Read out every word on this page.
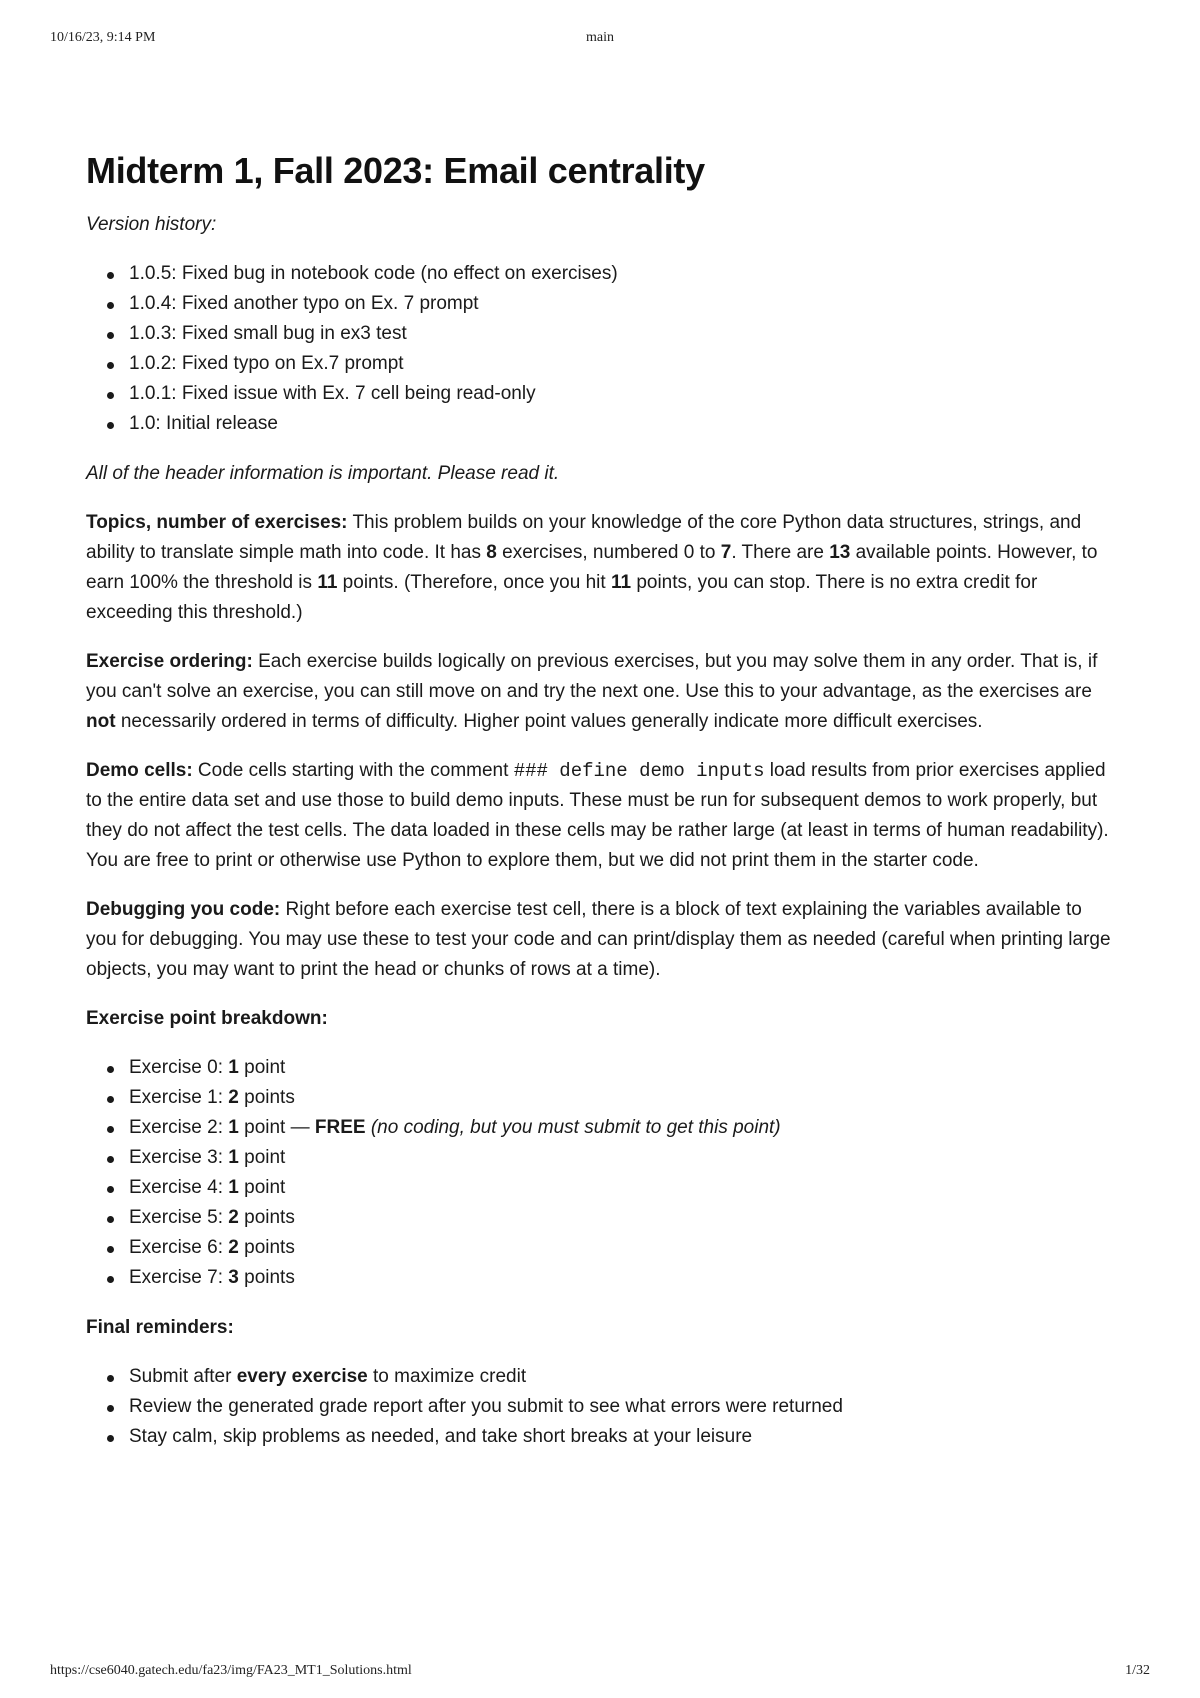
10/16/23, 9:14 PM	main
Midterm 1, Fall 2023: Email centrality

Version history:

1.0.5: Fixed bug in notebook code (no effect on exercises)
1.0.4: Fixed another typo on Ex. 7 prompt
1.0.3: Fixed small bug in ex3 test
1.0.2: Fixed typo on Ex.7 prompt
1.0.1: Fixed issue with Ex. 7 cell being read-only
1.0: Initial release

All of the header information is important. Please read it.

Topics, number of exercises: This problem builds on your knowledge of the core Python data structures, strings, and ability to translate simple math into code. It has 8 exercises, numbered 0 to 7. There are 13 available points. However, to earn 100% the threshold is 11 points. (Therefore, once you hit 11 points, you can stop. There is no extra credit for exceeding this threshold.)

Exercise ordering: Each exercise builds logically on previous exercises, but you may solve them in any order. That is, if you can't solve an exercise, you can still move on and try the next one. Use this to your advantage, as the exercises are not necessarily ordered in terms of difficulty. Higher point values generally indicate more difficult exercises.

Demo cells: Code cells starting with the comment ### define demo inputs load results from prior exercises applied to the entire data set and use those to build demo inputs. These must be run for subsequent demos to work properly, but they do not affect the test cells. The data loaded in these cells may be rather large (at least in terms of human readability). You are free to print or otherwise use Python to explore them, but we did not print them in the starter code.

Debugging you code: Right before each exercise test cell, there is a block of text explaining the variables available to you for debugging. You may use these to test your code and can print/display them as needed (careful when printing large objects, you may want to print the head or chunks of rows at a time).

Exercise point breakdown:

Exercise 0: 1 point
Exercise 1: 2 points
Exercise 2: 1 point — FREE (no coding, but you must submit to get this point)
Exercise 3: 1 point
Exercise 4: 1 point
Exercise 5: 2 points
Exercise 6: 2 points
Exercise 7: 3 points

Final reminders:

Submit after every exercise to maximize credit
Review the generated grade report after you submit to see what errors were returned
Stay calm, skip problems as needed, and take short breaks at your leisure
https://cse6040.gatech.edu/fa23/img/FA23_MT1_Solutions.html	1/32
